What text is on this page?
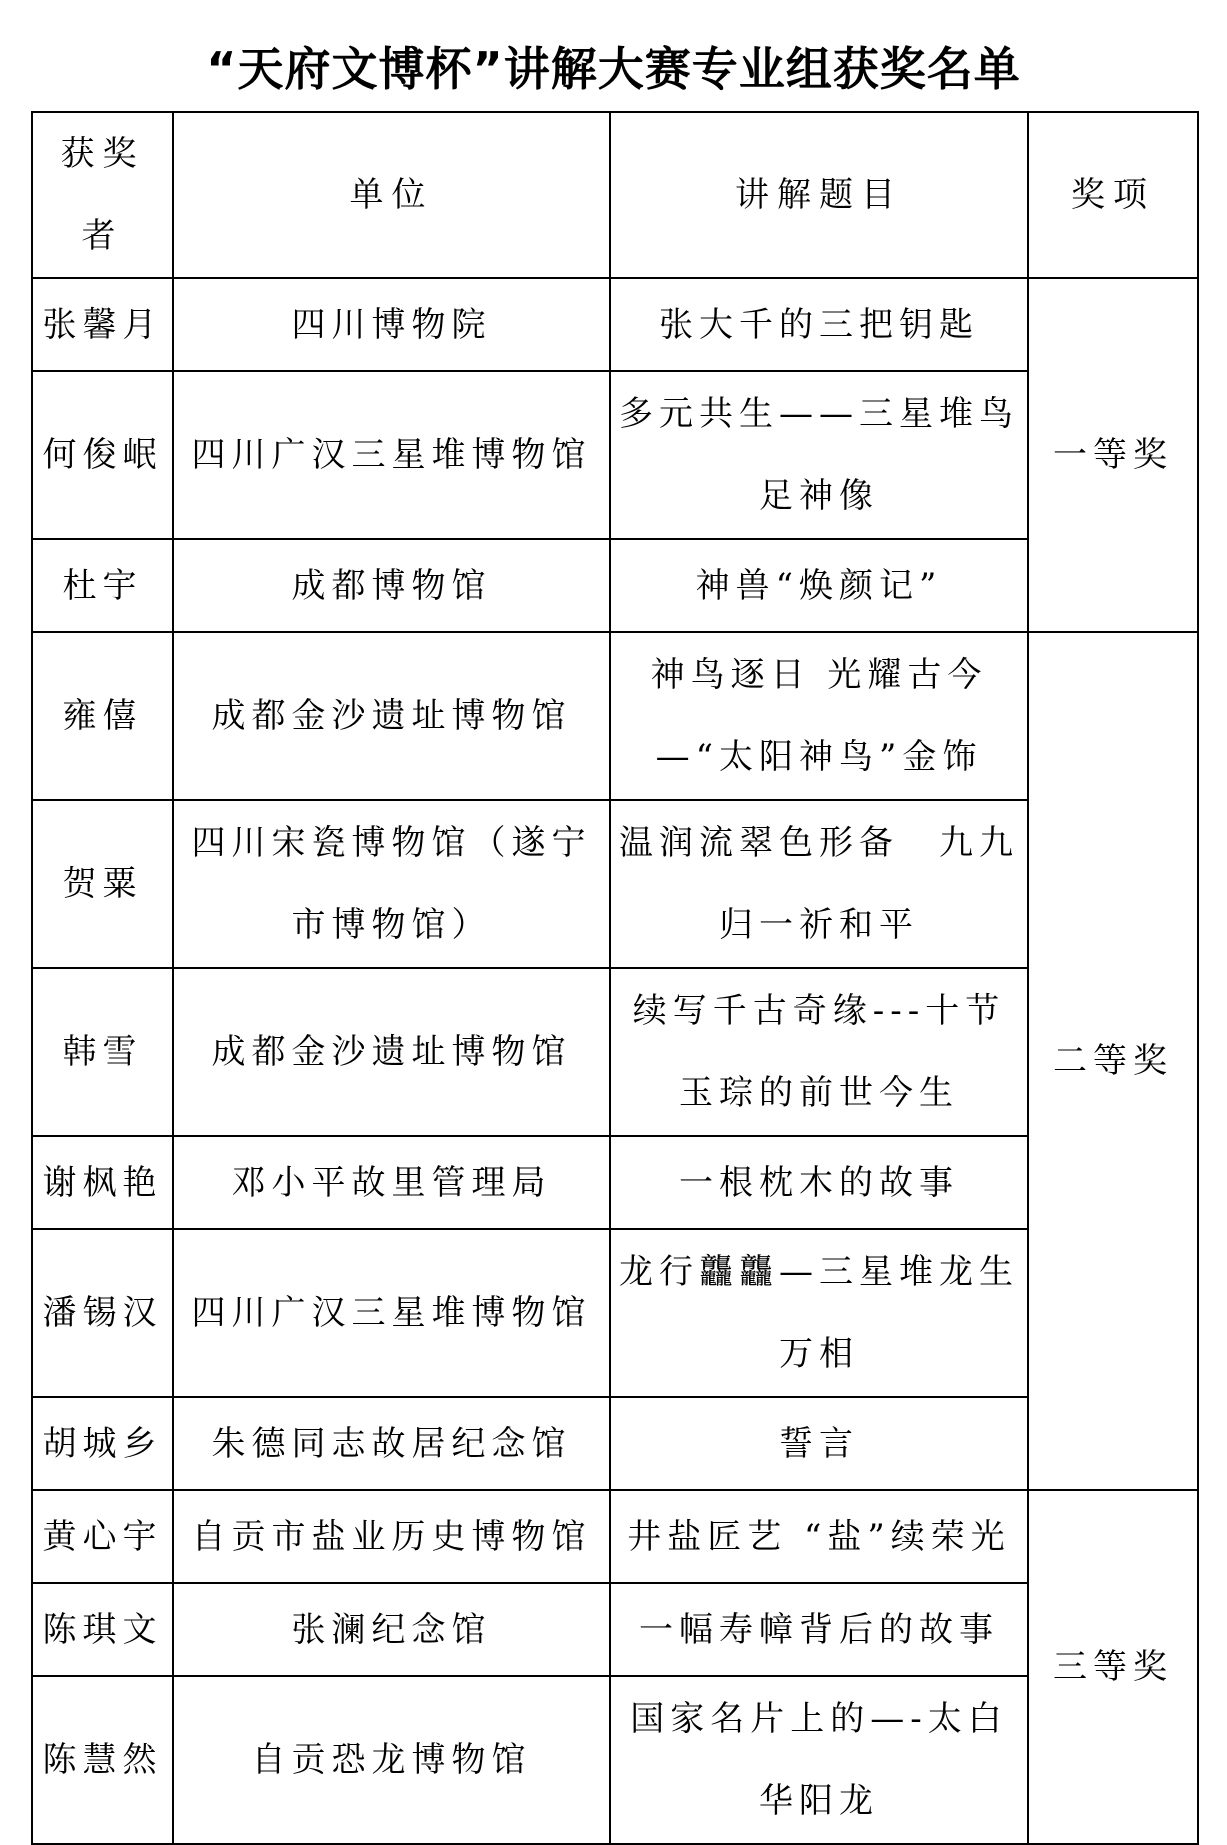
“天府文博杯”讲解大赛专业组获奖名单
获奖者	单位	讲解题目	奖项
张馨月	四川博物院	张大千的三把钥匙	一等奖
何俊岷	四川广汉三星堆博物馆	多元共生——三星堆鸟足神像	
杜宇	成都博物馆	神兽“焕颜记”	
雍僖	成都金沙遗址博物馆	神鸟逐日 光耀古今—“太阳神鸟”金饰	二等奖
贺粟	四川宋瓷博物馆（遂宁市博物馆）	温润流翠色形备　九九归一祈和平	
韩雪	成都金沙遗址博物馆	续写千古奇缘---十节玉琮的前世今生	
谢枫艳	邓小平故里管理局	一根枕木的故事	
潘锡汉	四川广汉三星堆博物馆	龙行龘龘—三星堆龙生万相	
胡城乡	朱德同志故居纪念馆	誓言	
黄心宇	自贡市盐业历史博物馆	井盐匠艺 “盐”续荣光	三等奖
陈琪文	张澜纪念馆	一幅寿幛背后的故事	
陈慧然	自贡恐龙博物馆	国家名片上的—-太白华阳龙	
